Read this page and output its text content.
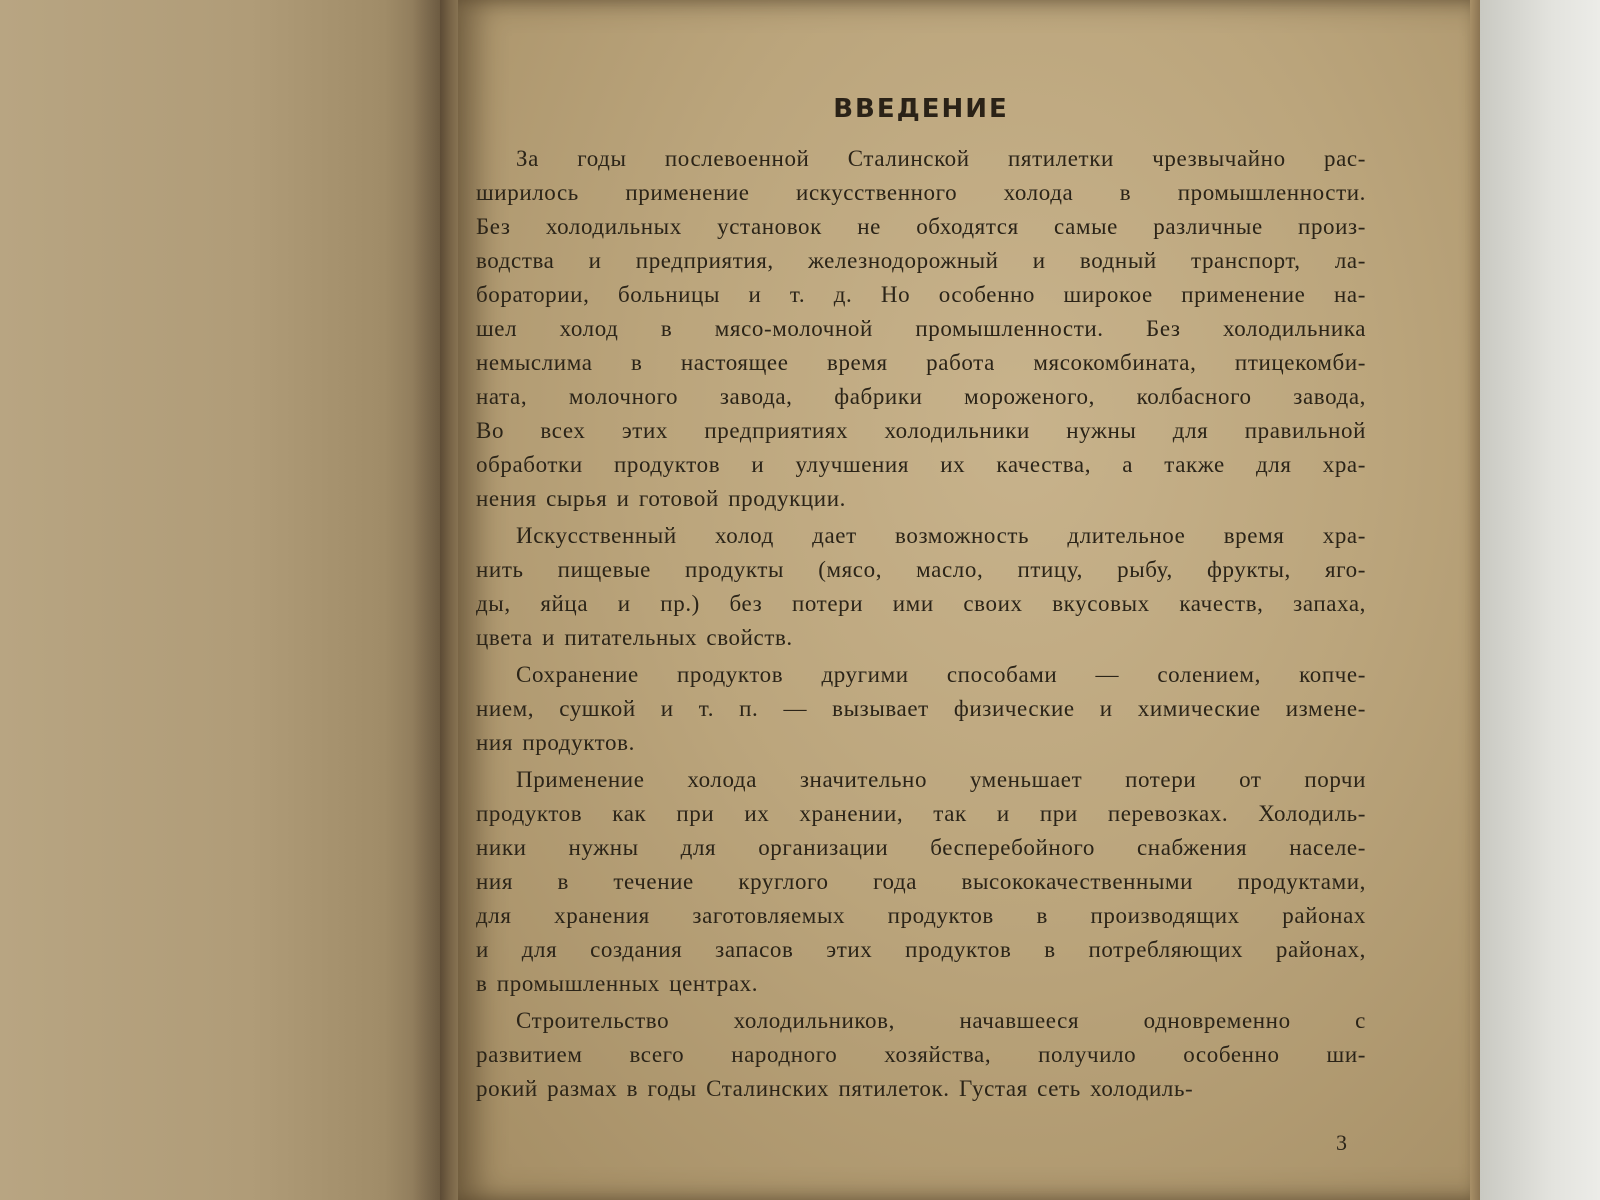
ВВЕДЕНИЕ
За годы послевоенной Сталинской пятилетки чрезвычайно рас-
ширилось применение искусственного холода в промышленности.
Без холодильных установок не обходятся самые различные произ-
водства и предприятия, железнодорожный и водный транспорт, ла-
боратории, больницы и т. д. Но особенно широкое применение на-
шел холод в мясо-молочной промышленности. Без холодильника
немыслима в настоящее время работа мясокомбината, птицекомби-
ната, молочного завода, фабрики мороженого, колбасного завода,
Во всех этих предприятиях холодильники нужны для правильной
обработки продуктов и улучшения их качества, а также для хра-
нения сырья и готовой продукции.
Искусственный холод дает возможность длительное время хра-
нить пищевые продукты (мясо, масло, птицу, рыбу, фрукты, яго-
ды, яйца и пр.) без потери ими своих вкусовых качеств, запаха,
цвета и питательных свойств.
Сохранение продуктов другими способами — солением, копче-
нием, сушкой и т. п. — вызывает физические и химические измене-
ния продуктов.
Применение холода значительно уменьшает потери от порчи
продуктов как при их хранении, так и при перевозках. Холодиль-
ники нужны для организации бесперебойного снабжения населе-
ния в течение круглого года высококачественными продуктами,
для хранения заготовляемых продуктов в производящих районах
и для создания запасов этих продуктов в потребляющих районах,
в промышленных центрах.
Строительство холодильников, начавшееся одновременно с
развитием всего народного хозяйства, получило особенно ши-
рокий размах в годы Сталинских пятилеток. Густая сеть холодиль-
3
